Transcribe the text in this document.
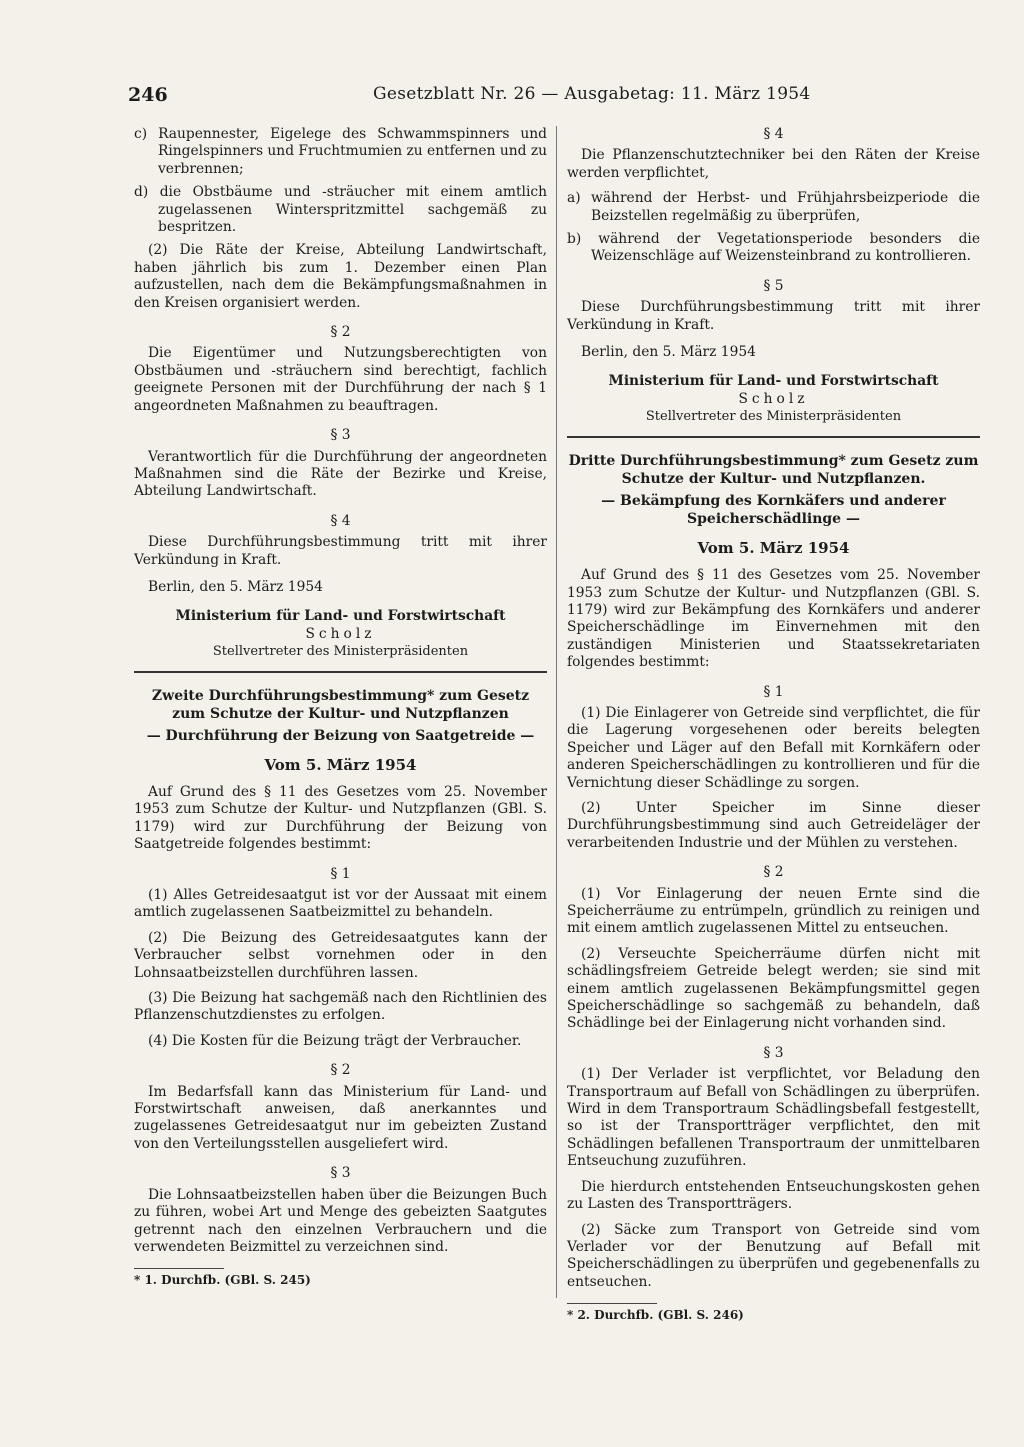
246	Gesetzblatt Nr. 26 — Ausgabetag: 11. März 1954

c) Raupennester, Eigelege des Schwammspinners und Ringelspinners und Fruchtmumien zu entfernen und zu verbrennen;

d) die Obstbäume und -sträucher mit einem amtlich zugelassenen Winterspritzmittel sachgemäß zu bespritzen.

(2) Die Räte der Kreise, Abteilung Landwirtschaft, haben jährlich bis zum 1. Dezember einen Plan aufzustellen, nach dem die Bekämpfungsmaßnahmen in den Kreisen organisiert werden.

§ 2

Die Eigentümer und Nutzungsberechtigten von Obstbäumen und -sträuchern sind berechtigt, fachlich geeignete Personen mit der Durchführung der nach § 1 angeordneten Maßnahmen zu beauftragen.

§ 3

Verantwortlich für die Durchführung der angeordneten Maßnahmen sind die Räte der Bezirke und Kreise, Abteilung Landwirtschaft.

§ 4

Diese Durchführungsbestimmung tritt mit ihrer Verkündung in Kraft.

Berlin, den 5. März 1954

Ministerium für Land- und Forstwirtschaft

Scholz

Stellvertreter des Ministerpräsidenten

Zweite Durchführungsbestimmung* zum Gesetz zum Schutze der Kultur- und Nutzpflanzen

— Durchführung der Beizung von Saatgetreide —

Vom 5. März 1954

Auf Grund des § 11 des Gesetzes vom 25. November 1953 zum Schutze der Kultur- und Nutzpflanzen (GBl. S. 1179) wird zur Durchführung der Beizung von Saatgetreide folgendes bestimmt:

§ 1

(1) Alles Getreidesaatgut ist vor der Aussaat mit einem amtlich zugelassenen Saatbeizmittel zu behandeln.

(2) Die Beizung des Getreidesaatgutes kann der Verbraucher selbst vornehmen oder in den Lohnsaatbeizstellen durchführen lassen.

(3) Die Beizung hat sachgemäß nach den Richtlinien des Pflanzenschutzdienstes zu erfolgen.

(4) Die Kosten für die Beizung trägt der Verbraucher.

§ 2

Im Bedarfsfall kann das Ministerium für Land- und Forstwirtschaft anweisen, daß anerkanntes und zugelassenes Getreidesaatgut nur im gebeizten Zustand von den Verteilungsstellen ausgeliefert wird.

§ 3

Die Lohnsaatbeizstellen haben über die Beizungen Buch zu führen, wobei Art und Menge des gebeizten Saatgutes getrennt nach den einzelnen Verbrauchern und die verwendeten Beizmittel zu verzeichnen sind.

* 1. Durchfb. (GBl. S. 245)

§ 4

Die Pflanzenschutztechniker bei den Räten der Kreise werden verpflichtet,

a) während der Herbst- und Frühjahrsbeizperiode die Beizstellen regelmäßig zu überprüfen,

b) während der Vegetationsperiode besonders die Weizenschläge auf Weizensteinbrand zu kontrollieren.

§ 5

Diese Durchführungsbestimmung tritt mit ihrer Verkündung in Kraft.

Berlin, den 5. März 1954

Ministerium für Land- und Forstwirtschaft

Scholz

Stellvertreter des Ministerpräsidenten

Dritte Durchführungsbestimmung* zum Gesetz zum Schutze der Kultur- und Nutzpflanzen.

— Bekämpfung des Kornkäfers und anderer Speicherschädlinge —

Vom 5. März 1954

Auf Grund des § 11 des Gesetzes vom 25. November 1953 zum Schutze der Kultur- und Nutzpflanzen (GBl. S. 1179) wird zur Bekämpfung des Kornkäfers und anderer Speicherschädlinge im Einvernehmen mit den zuständigen Ministerien und Staatssekretariaten folgendes bestimmt:

§ 1

(1) Die Einlagerer von Getreide sind verpflichtet, die für die Lagerung vorgesehenen oder bereits belegten Speicher und Läger auf den Befall mit Kornkäfern oder anderen Speicherschädlingen zu kontrollieren und für die Vernichtung dieser Schädlinge zu sorgen.

(2) Unter Speicher im Sinne dieser Durchführungsbestimmung sind auch Getreideläger der verarbeitenden Industrie und der Mühlen zu verstehen.

§ 2

(1) Vor Einlagerung der neuen Ernte sind die Speicherräume zu entrümpeln, gründlich zu reinigen und mit einem amtlich zugelassenen Mittel zu entseuchen.

(2) Verseuchte Speicherräume dürfen nicht mit schädlingsfreiem Getreide belegt werden; sie sind mit einem amtlich zugelassenen Bekämpfungsmittel gegen Speicherschädlinge so sachgemäß zu behandeln, daß Schädlinge bei der Einlagerung nicht vorhanden sind.

§ 3

(1) Der Verlader ist verpflichtet, vor Beladung den Transportraum auf Befall von Schädlingen zu überprüfen. Wird in dem Transportraum Schädlingsbefall festgestellt, so ist der Transportträger verpflichtet, den mit Schädlingen befallenen Transportraum der unmittelbaren Entseuchung zuzuführen.

Die hierdurch entstehenden Entseuchungskosten gehen zu Lasten des Transportträgers.

(2) Säcke zum Transport von Getreide sind vom Verlader vor der Benutzung auf Befall mit Speicherschädlingen zu überprüfen und gegebenenfalls zu entseuchen.

* 2. Durchfb. (GBl. S. 246)
